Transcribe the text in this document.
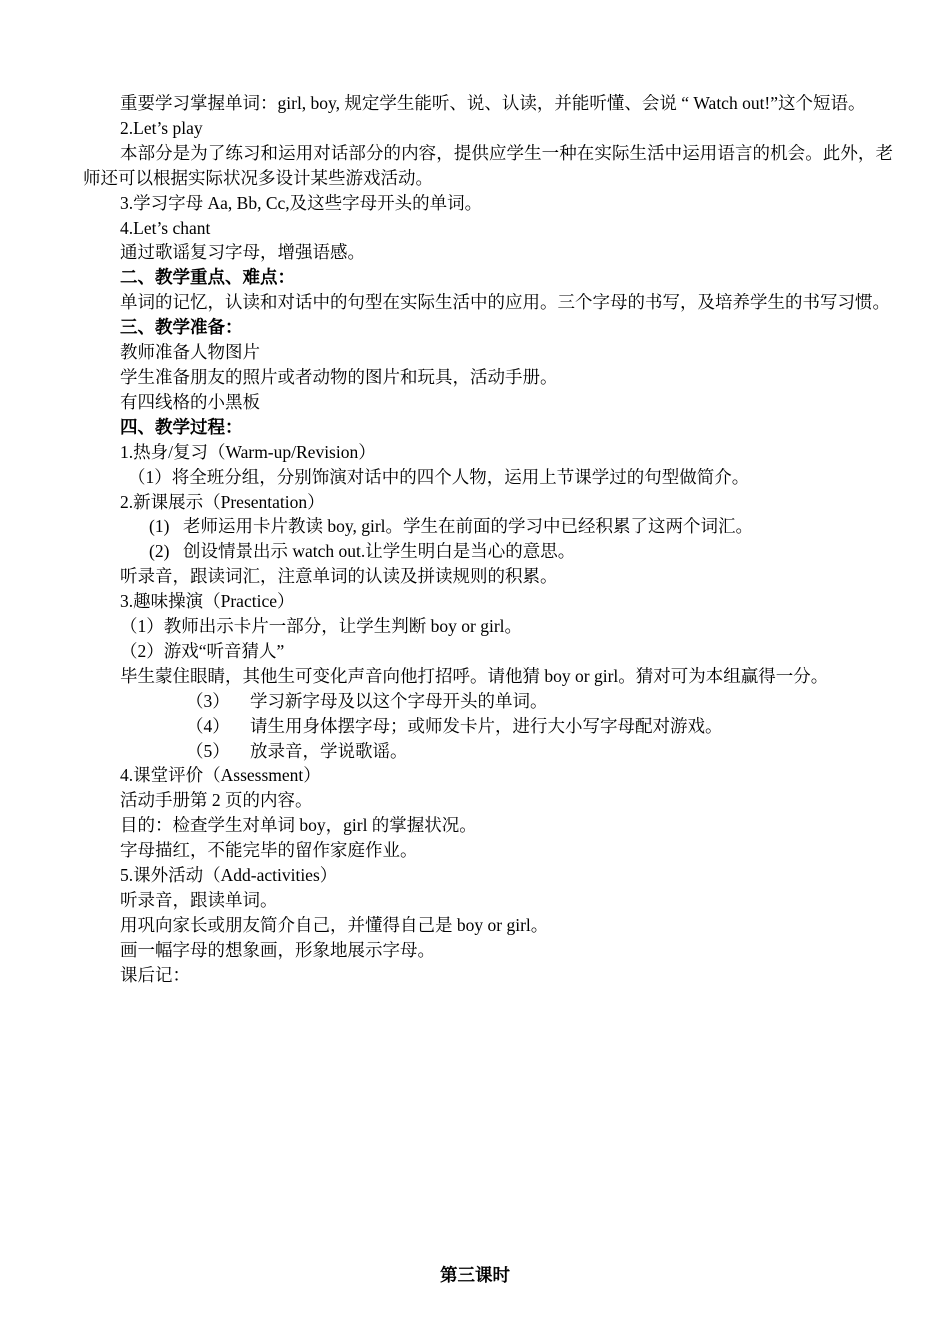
重要学习掌握单词：girl, boy, 规定学生能听、说、认读，并能听懂、会说 “ Watch out!”这个短语。

2.Let’s play

本部分是为了练习和运用对话部分的内容，提供应学生一种在实际生活中运用语言的机会。此外，老师还可以根据实际状况多设计某些游戏活动。

3.学习字母 Aa, Bb, Cc,及这些字母开头的单词。

4.Let’s chant

通过歌谣复习字母，增强语感。

二、教学重点、难点：

单词的记忆，认读和对话中的句型在实际生活中的应用。三个字母的书写，及培养学生的书写习惯。

三、教学准备：

教师准备人物图片

学生准备朋友的照片或者动物的图片和玩具，活动手册。

有四线格的小黑板

四、教学过程：

1.热身/复习（Warm-up/Revision）

（1）将全班分组，分别饰演对话中的四个人物，运用上节课学过的句型做简介。

2.新课展示（Presentation）

(1) 老师运用卡片教读 boy, girl。学生在前面的学习中已经积累了这两个词汇。

(2) 创设情景出示 watch out.让学生明白是当心的意思。

听录音，跟读词汇，注意单词的认读及拼读规则的积累。

3.趣味操演（Practice）

（1）教师出示卡片一部分，让学生判断 boy or girl。

（2）游戏“听音猜人”

毕生蒙住眼睛，其他生可变化声音向他打招呼。请他猜 boy or girl。猜对可为本组赢得一分。

（3） 学习新字母及以这个字母开头的单词。

（4） 请生用身体摆字母；或师发卡片，进行大小写字母配对游戏。

（5） 放录音，学说歌谣。

4.课堂评价（Assessment）

活动手册第 2 页的内容。

目的：检查学生对单词 boy，girl 的掌握状况。

字母描红，不能完毕的留作家庭作业。

5.课外活动（Add-activities）

听录音，跟读单词。

用巩向家长或朋友简介自己，并懂得自己是 boy or girl。

画一幅字母的想象画，形象地展示字母。

课后记：

第三课时
